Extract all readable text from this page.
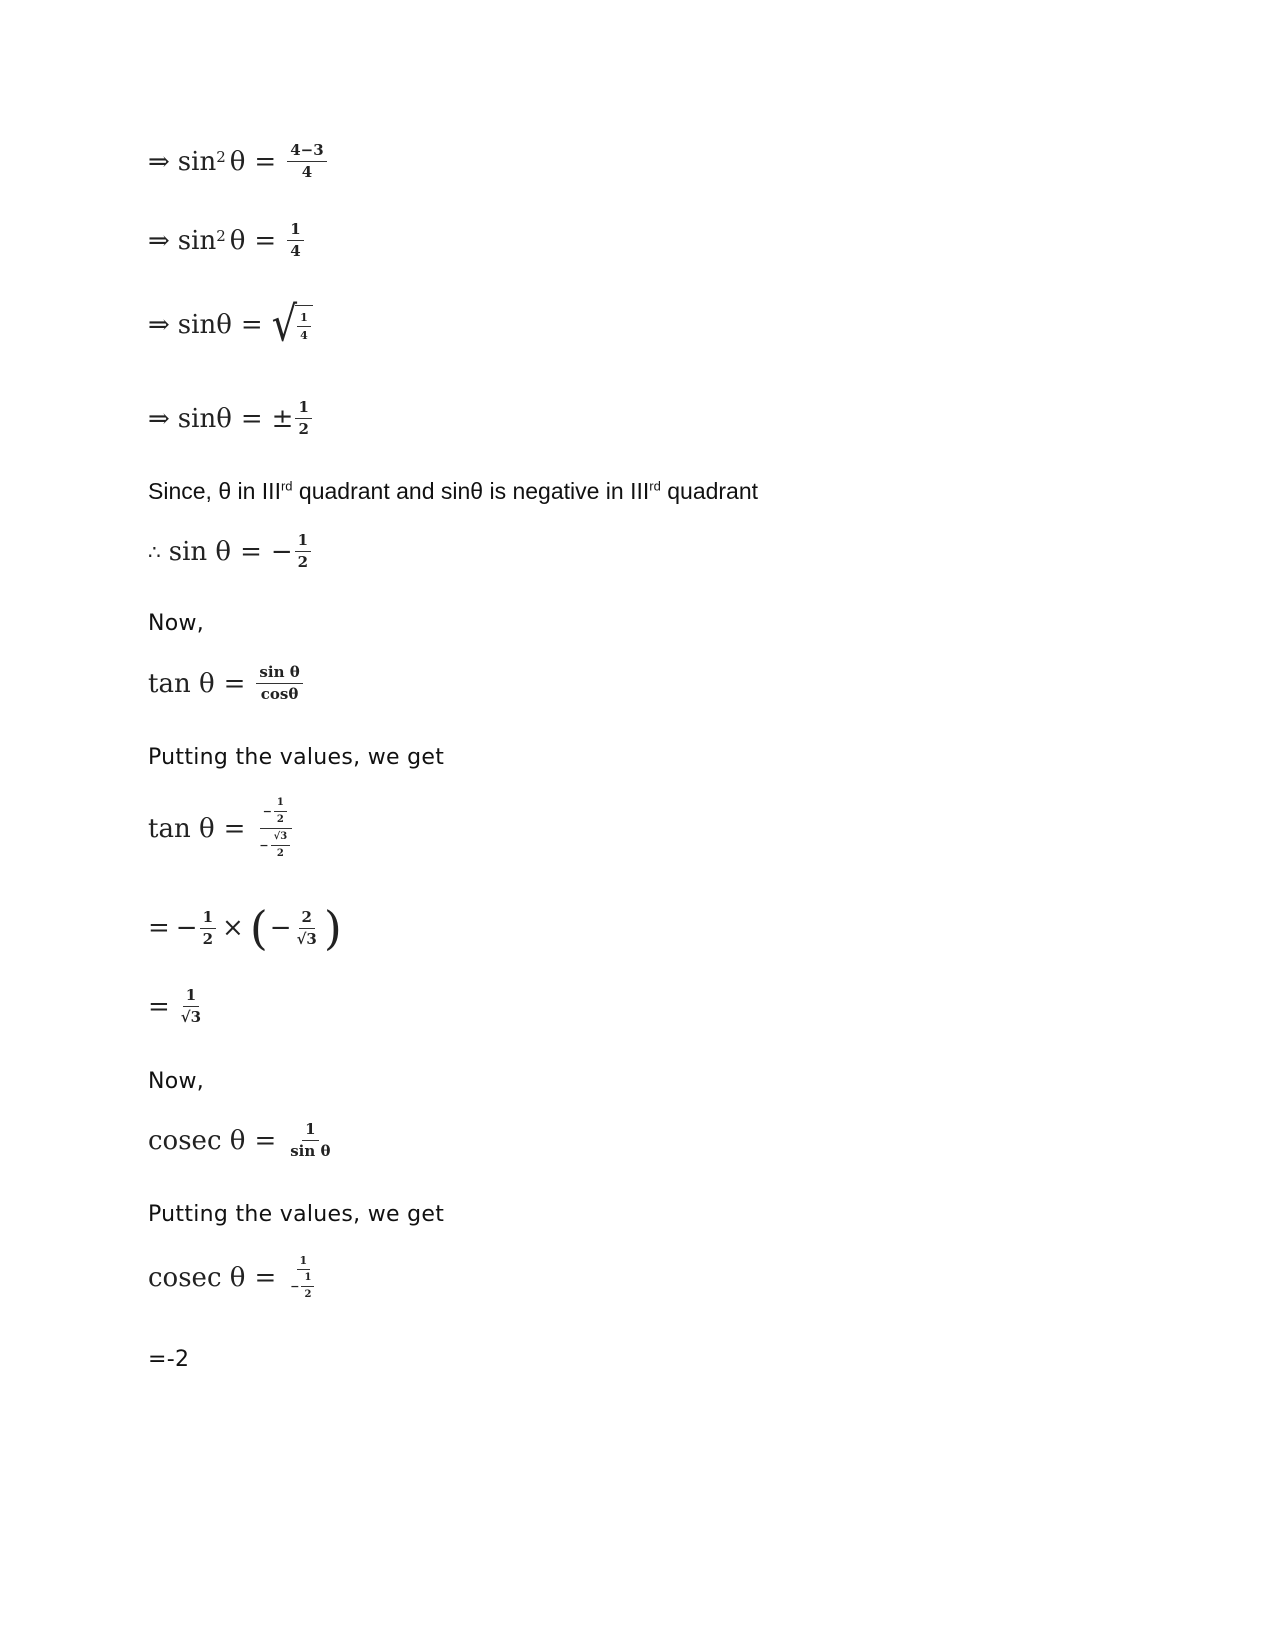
⇒ sin 2 $\theta = \frac{4-3}{4}$
⇒ sin 2 $\theta = \frac{1}{4}$
⇒ sinθ = √ $\frac{1}{4}$
⇒ sinθ = ± $\frac{1}{2}$
Since, θ in IIIrd quadrant and sinθ is negative in IIIrd quadrant
∴ sin θ = − $\frac{1}{2}$
Now,
$\tan \theta = \frac{\text{sin θ}}{\cos\theta}$
Putting the values, we get
$\tan \theta = \frac{- \frac{1}{2}}{- \frac{√3}{2}}$
= − $\frac{1}{2}$ × ( − $\frac{2}{√3}$ )
= $\frac{1}{√3}$
Now,
cosec $\theta = \frac{1}{\text{sin θ}}$
Putting the values, we get
cosec $\theta = \frac{1}{- \frac{1}{2}}$
=-2
